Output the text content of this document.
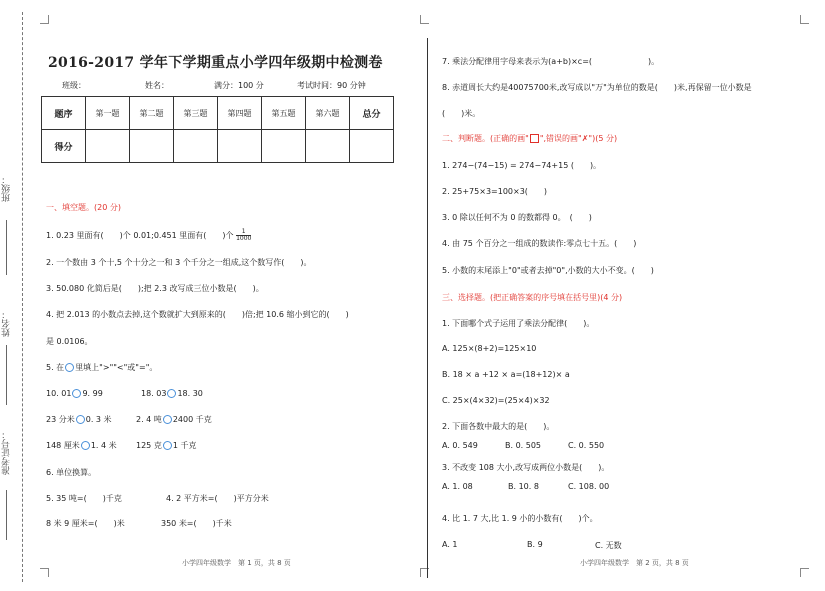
班级：
姓名：
准考证号：
2016-2017 学年下学期重点小学四年级期中检测卷
班级：	姓名：	满分：100 分	考试时间：90 分钟
题序	第一题	第二题	第三题	第四题	第五题	第六题	总分
得分							
一、填空题。(20 分)
1. 0.23 里面有(　　)个 0.01;0.451 里面有(　　)个 $\frac{1}{1000}$
2. 一个数由 3 个十,5 个十分之一和 3 个千分之一组成,这个数写作(　　)。
3. 50.080 化简后是(　　);把 2.3 改写成三位小数是(　　)。
4. 把 2.013 的小数点去掉,这个数就扩大到原来的(　　)倍;把 10.6 缩小到它的(　　)
是 0.0106。
5. 在 里填上">""<"或"="。
10. 01 9. 99	18. 03 18. 30
23 分米 0. 3 米	2. 4 吨 2400 千克
148 厘米 1. 4 米 125 克 1 千克
6. 单位换算。
5. 35 吨=(　　)千克	4. 2 平方米=(　　)平方分米
8 米 9 厘米=(　　)米	350 米=(　　)千米
小学四年级数学　第 1 页，共 8 页
7. 乘法分配律用字母来表示为(a+b)×c=(　　　　　　　)。
8. 赤道周长大约是40075700米,改写成以"万"为单位的数是(　　)米,再保留一位小数是
(　　)米。
二、判断题。(正确的画" ",错误的画"✗")(5 分)
1. 274−(74−15) = 274−74+15 (　　)。
2. 25+75×3=100×3(　　)
3. 0 除以任何不为 0 的数都得 0。　(　　)
4. 由 75 个百分之一组成的数读作:零点七十五。(　　)
5. 小数的末尾添上"0"或者去掉"0",小数的大小不变。(　　)
三、选择题。(把正确答案的序号填在括号里)(4 分)
1. 下面哪个式子运用了乘法分配律(　　)。
A. 125×(8+2)=125×10
B. 18 × a +12 × a=(18+12)× a
C. 25×(4×32)=(25×4)×32
2. 下面各数中最大的是(　　)。
A. 0. 549	B. 0. 505	C. 0. 550
3. 不改变 108 大小,改写成两位小数是(　　)。
A. 1. 08	B. 10. 8	C. 108. 00
4. 比 1. 7 大,比 1. 9 小的小数有(　　)个。
A. 1	B. 9	C. 无数
小学四年级数学　第 2 页，共 8 页
